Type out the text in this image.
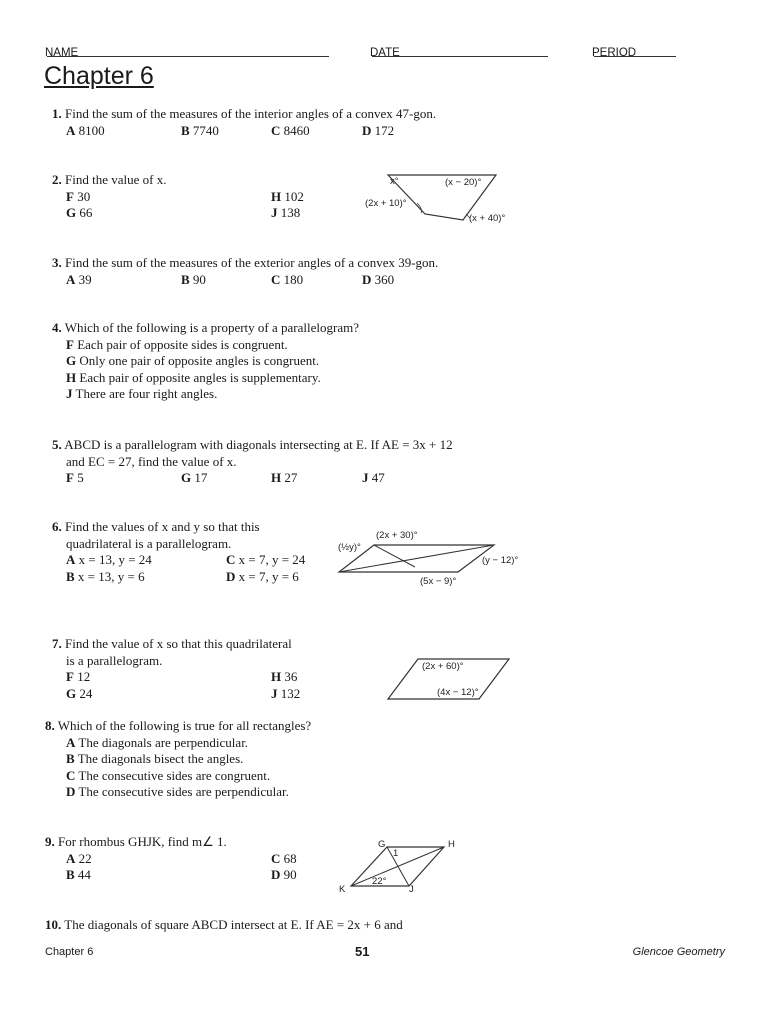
NAME	DATE	PERIOD
Chapter 6
1. Find the sum of the measures of the interior angles of a convex 47-gon.
A 8100	B 7740	C 8460	D 172
2. Find the value of x.
F 30	H 102
G 66	J 138
x°	(x − 20)°
(2x + 10)°
(x + 40)°
3. Find the sum of the measures of the exterior angles of a convex 39-gon.
A 39	B 90	C 180	D 360
4. Which of the following is a property of a parallelogram?
F Each pair of opposite sides is congruent.
G Only one pair of opposite angles is congruent.
H Each pair of opposite angles is supplementary.
J There are four right angles.
5. ABCD is a parallelogram with diagonals intersecting at E. If AE = 3x + 12
and EC = 27, find the value of x.
F 5	G 17	H 27	J 47
6. Find the values of x and y so that this
quadrilateral is a parallelogram.
A x = 13, y = 24	C x = 7, y = 24
B x = 13, y = 6	D x = 7, y = 6
(2x + 30)°
(½y)°
(y − 12)°
(5x − 9)°
7. Find the value of x so that this quadrilateral
is a parallelogram.
F 12	H 36
G 24	J 132
(2x + 60)°
(4x − 12)°
8. Which of the following is true for all rectangles?
A The diagonals are perpendicular.
B The diagonals bisect the angles.
C The consecutive sides are congruent.
D The consecutive sides are perpendicular.
9. For rhombus GHJK, find m∠ 1.
A 22	C 68
B 44	D 90
G	H
K	J
1
22°
10. The diagonals of square ABCD intersect at E. If AE = 2x + 6 and
Chapter 6	51	Glencoe Geometry
